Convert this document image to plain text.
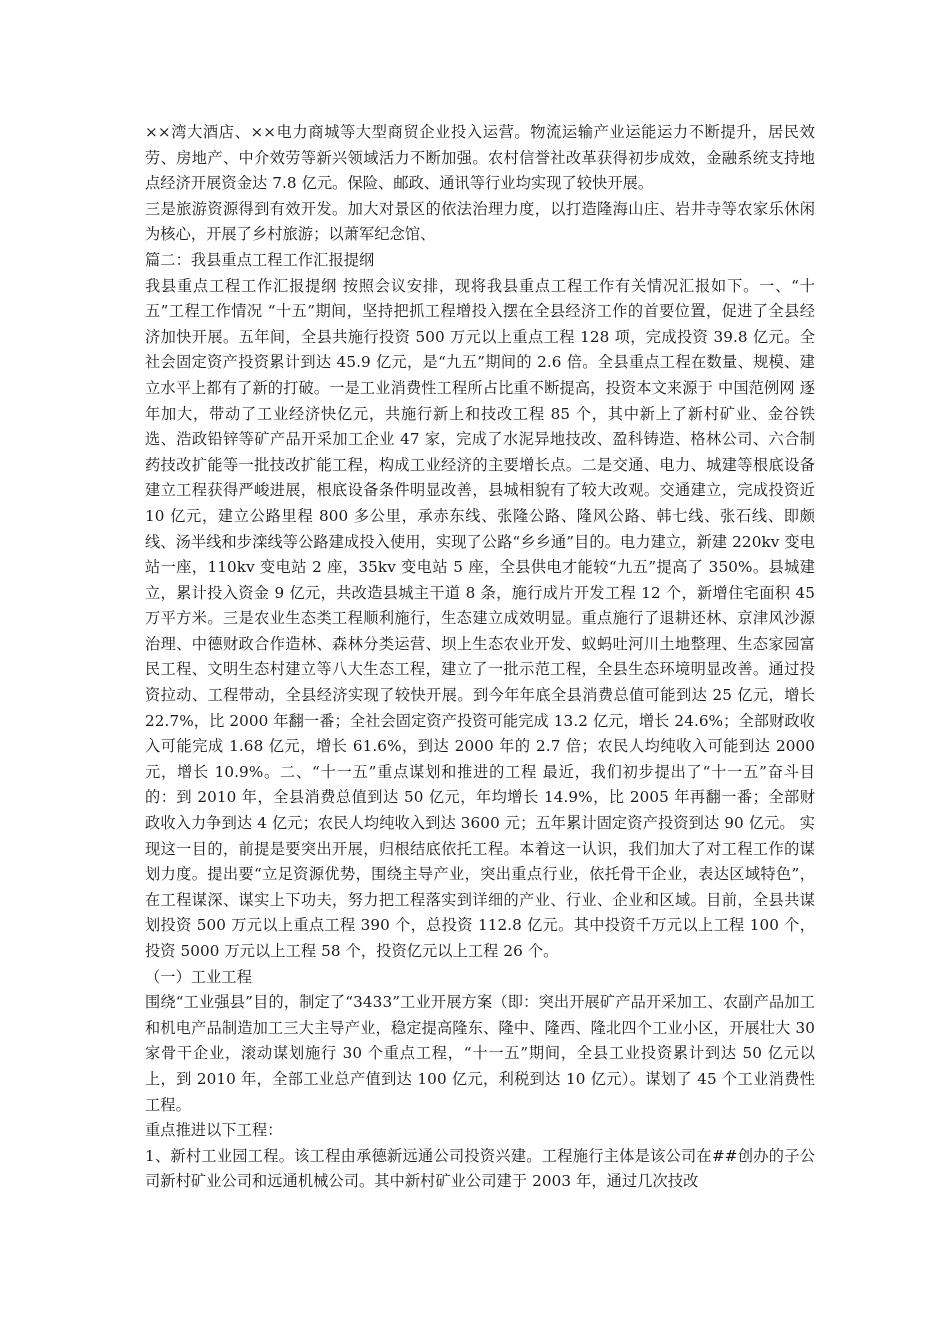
××湾大酒店、××电力商城等大型商贸企业投入运营。物流运输产业运能运力不断提升，居民效劳、房地产、中介效劳等新兴领域活力不断加强。农村信誉社改革获得初步成效，金融系统支持地点经济开展资金达 7.8 亿元。保险、邮政、通讯等行业均实现了较快开展。

三是旅游资源得到有效开发。加大对景区的依法治理力度，以打造隆海山庄、岩井寺等农家乐休闲为核心，开展了乡村旅游；以萧军纪念馆、

篇二：我县重点工程工作汇报提纲

我县重点工程工作汇报提纲 按照会议安排，现将我县重点工程工作有关情况汇报如下。一、“十五”工程工作情况 “十五”期间，坚持把抓工程增投入摆在全县经济工作的首要位置，促进了全县经济加快开展。五年间，全县共施行投资 500 万元以上重点工程 128 项，完成投资 39.8 亿元。全社会固定资产投资累计到达 45.9 亿元，是“九五”期间的 2.6 倍。全县重点工程在数量、规模、建立水平上都有了新的打破。一是工业消费性工程所占比重不断提高，投资本文来源于 中国范例网 逐年加大，带动了工业经济快亿元，共施行新上和技改工程 85 个，其中新上了新村矿业、金谷铁选、浩政铅锌等矿产品开采加工企业 47 家，完成了水泥异地技改、盈科铸造、格林公司、六合制药技改扩能等一批技改扩能工程，构成工业经济的主要增长点。二是交通、电力、城建等根底设备建立工程获得严峻进展，根底设备条件明显改善，县城相貌有了较大改观。交通建立，完成投资近 10 亿元，建立公路里程 800 多公里，承赤东线、张隆公路、隆风公路、韩七线、张石线、即颇线、汤半线和步滦线等公路建成投入使用，实现了公路“乡乡通”目的。电力建立，新建 220kv 变电站一座，110kv 变电站 2 座，35kv 变电站 5 座，全县供电才能较“九五”提高了 350%。县城建立，累计投入资金 9 亿元，共改造县城主干道 8 条，施行成片开发工程 12 个，新增住宅面积 45 万平方米。三是农业生态类工程顺利施行，生态建立成效明显。重点施行了退耕还林、京津风沙源治理、中德财政合作造林、森林分类运营、坝上生态农业开发、蚁蚂吐河川土地整理、生态家园富民工程、文明生态村建立等八大生态工程，建立了一批示范工程，全县生态环境明显改善。通过投资拉动、工程带动，全县经济实现了较快开展。到今年年底全县消费总值可能到达 25 亿元，增长 22.7%，比 2000 年翻一番；全社会固定资产投资可能完成 13.2 亿元，增长 24.6%；全部财政收入可能完成 1.68 亿元，增长 61.6%，到达 2000 年的 2.7 倍；农民人均纯收入可能到达 2000 元，增长 10.9%。二、“十一五”重点谋划和推进的工程 最近，我们初步提出了“十一五”奋斗目的：到 2010 年，全县消费总值到达 50 亿元，年均增长 14.9%，比 2005 年再翻一番；全部财政收入力争到达 4 亿元；农民人均纯收入到达 3600 元；五年累计固定资产投资到达 90 亿元。 实现这一目的，前提是要突出开展，归根结底依托工程。本着这一认识，我们加大了对工程工作的谋划力度。提出要“立足资源优势，围绕主导产业，突出重点行业，依托骨干企业，表达区域特色”，在工程谋深、谋实上下功夫，努力把工程落实到详细的产业、行业、企业和区域。目前，全县共谋划投资 500 万元以上重点工程 390 个，总投资 112.8 亿元。其中投资千万元以上工程 100 个，投资 5000 万元以上工程 58 个，投资亿元以上工程 26 个。

（一）工业工程

围绕“工业强县”目的，制定了“3433”工业开展方案（即：突出开展矿产品开采加工、农副产品加工和机电产品制造加工三大主导产业，稳定提高隆东、隆中、隆西、隆北四个工业小区，开展壮大 30 家骨干企业，滚动谋划施行 30 个重点工程，“十一五”期间，全县工业投资累计到达 50 亿元以上，到 2010 年，全部工业总产值到达 100 亿元，利税到达 10 亿元）。谋划了 45 个工业消费性工程。

重点推进以下工程：

1、新村工业园工程。该工程由承德新远通公司投资兴建。工程施行主体是该公司在##创办的子公司新村矿业公司和远通机械公司。其中新村矿业公司建于 2003 年，通过几次技改
